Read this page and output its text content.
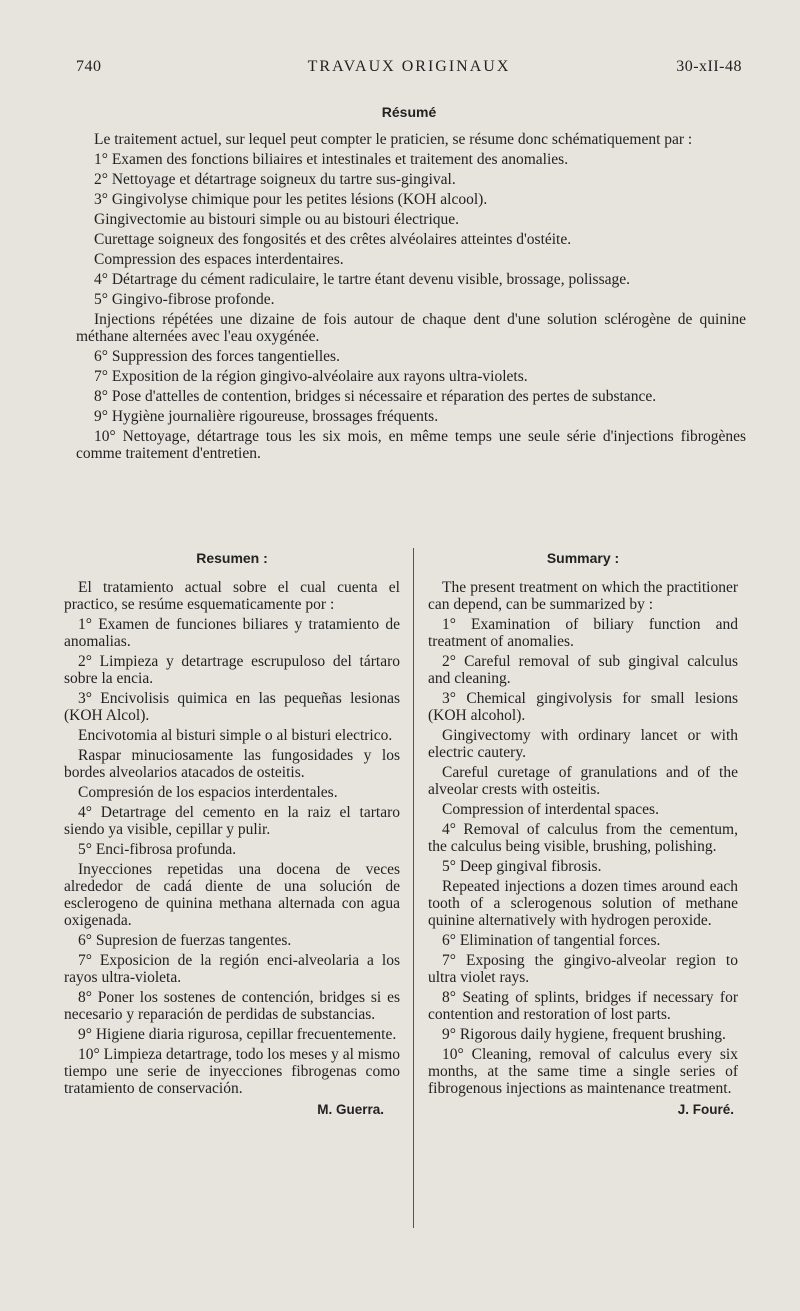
740	TRAVAUX ORIGINAUX	30-xII-48
Résumé

Le traitement actuel, sur lequel peut compter le praticien, se résume donc schématiquement par :

1° Examen des fonctions biliaires et intestinales et traitement des anomalies.

2° Nettoyage et détartrage soigneux du tartre sus-gingival.

3° Gingivolyse chimique pour les petites lésions (KOH alcool).

Gingivectomie au bistouri simple ou au bistouri électrique.

Curettage soigneux des fongosités et des crêtes alvéolaires atteintes d'ostéite.

Compression des espaces interdentaires.

4° Détartrage du cément radiculaire, le tartre étant devenu visible, brossage, polissage.

5° Gingivo-fibrose profonde.

Injections répétées une dizaine de fois autour de chaque dent d'une solution sclérogène de quinine méthane alternées avec l'eau oxygénée.

6° Suppression des forces tangentielles.

7° Exposition de la région gingivo-alvéolaire aux rayons ultra-violets.

8° Pose d'attelles de contention, bridges si nécessaire et réparation des pertes de substance.

9° Hygiène journalière rigoureuse, brossages fréquents.

10° Nettoyage, détartrage tous les six mois, en même temps une seule série d'injections fibrogènes comme traitement d'entretien.

Resumen :

El tratamiento actual sobre el cual cuenta el practico, se resúme esquematicamente por :

1° Examen de funciones biliares y tratamiento de anomalias.

2° Limpieza y detartrage escrupuloso del tártaro sobre la encia.

3° Encivolisis quimica en las pequeñas lesionas (KOH Alcol).

Encivotomia al bisturi simple o al bisturi electrico.

Raspar minuciosamente las fungosidades y los bordes alveolarios atacados de osteitis.

Compresión de los espacios interdentales.

4° Detartrage del cemento en la raiz el tartaro siendo ya visible, cepillar y pulir.

5° Enci-fibrosa profunda.

Inyecciones repetidas una docena de veces alrededor de cadá diente de una solución de esclerogeno de quinina methana alternada con agua oxigenada.

6° Supresion de fuerzas tangentes.

7° Exposicion de la región enci-alveolaria a los rayos ultra-violeta.

8° Poner los sostenes de contención, bridges si es necesario y reparación de perdidas de substancias.

9° Higiene diaria rigurosa, cepillar frecuentemente.

10° Limpieza detartrage, todo los meses y al mismo tiempo une serie de inyecciones fibrogenas como tratamiento de conservación.

M. Guerra.
Summary :

The present treatment on which the practitioner can depend, can be summarized by :

1° Examination of biliary function and treatment of anomalies.

2° Careful removal of sub gingival calculus and cleaning.

3° Chemical gingivolysis for small lesions (KOH alcohol).

Gingivectomy with ordinary lancet or with electric cautery.

Careful curetage of granulations and of the alveolar crests with osteitis.

Compression of interdental spaces.

4° Removal of calculus from the cementum, the calculus being visible, brushing, polishing.

5° Deep gingival fibrosis.

Repeated injections a dozen times around each tooth of a sclerogenous solution of methane quinine alternatively with hydrogen peroxide.

6° Elimination of tangential forces.

7° Exposing the gingivo-alveolar region to ultra violet rays.

8° Seating of splints, bridges if necessary for contention and restoration of lost parts.

9° Rigorous daily hygiene, frequent brushing.

10° Cleaning, removal of calculus every six months, at the same time a single series of fibrogenous injections as maintenance treatment.

J. Fouré.
